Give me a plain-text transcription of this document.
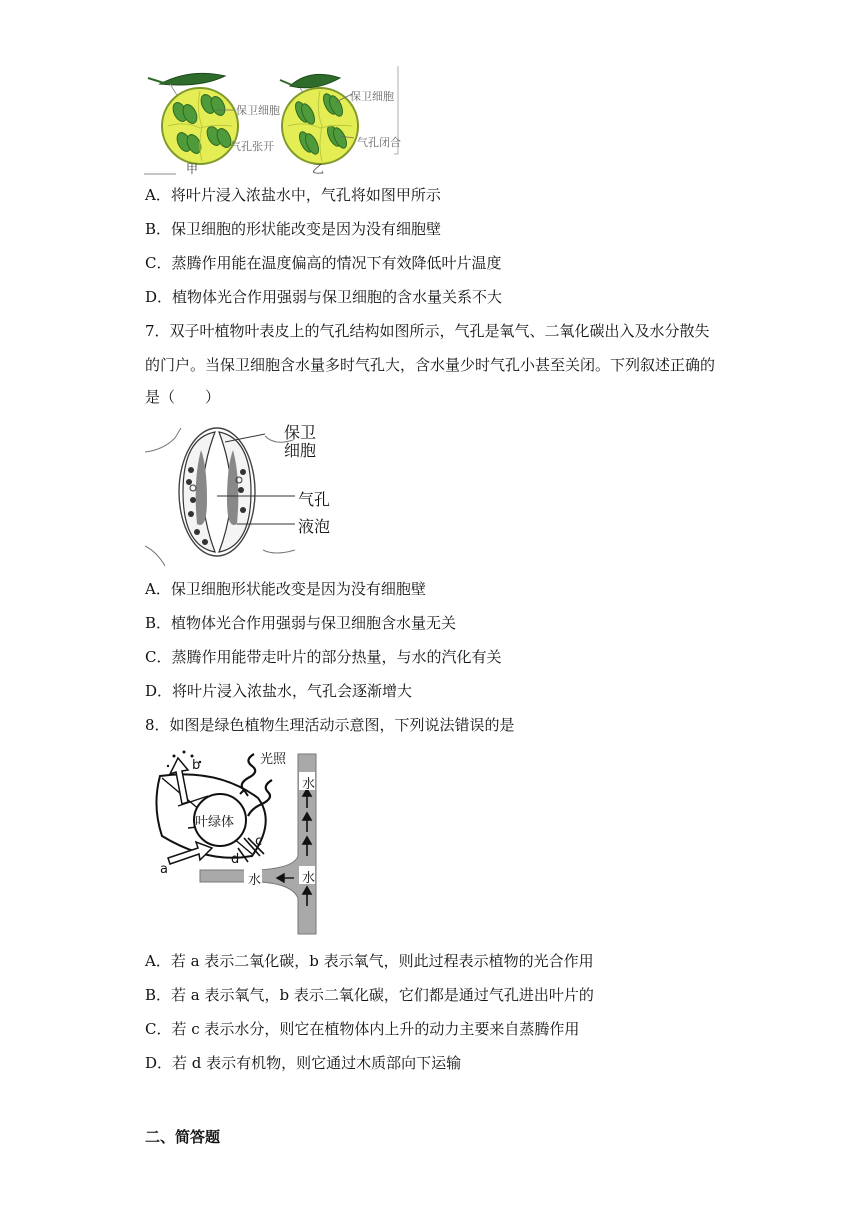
保卫细胞
气孔张开
保卫细胞
气孔闭合
甲	乙
A．将叶片浸入浓盐水中，气孔将如图甲所示
B．保卫细胞的形状能改变是因为没有细胞壁
C．蒸腾作用能在温度偏高的情况下有效降低叶片温度
D．植物体光合作用强弱与保卫细胞的含水量关系不大
7．双子叶植物叶表皮上的气孔结构如图所示，气孔是氧气、二氧化碳出入及水分散失
的门户。当保卫细胞含水量多时气孔大，含水量少时气孔小甚至关闭。下列叙述正确的
是（　　）
保卫
细胞
气孔
液泡
A．保卫细胞形状能改变是因为没有细胞壁
B．植物体光合作用强弱与保卫细胞含水量无关
C．蒸腾作用能带走叶片的部分热量，与水的汽化有关
D．将叶片浸入浓盐水，气孔会逐渐增大
8．如图是绿色植物生理活动示意图，下列说法错误的是
光照
b
叶绿体
c
d
a
水
水
水
A．若 a 表示二氧化碳，b 表示氧气，则此过程表示植物的光合作用
B．若 a 表示氧气，b 表示二氧化碳，它们都是通过气孔进出叶片的
C．若 c 表示水分，则它在植物体内上升的动力主要来自蒸腾作用
D．若 d 表示有机物，则它通过木质部向下运输
二、简答题
